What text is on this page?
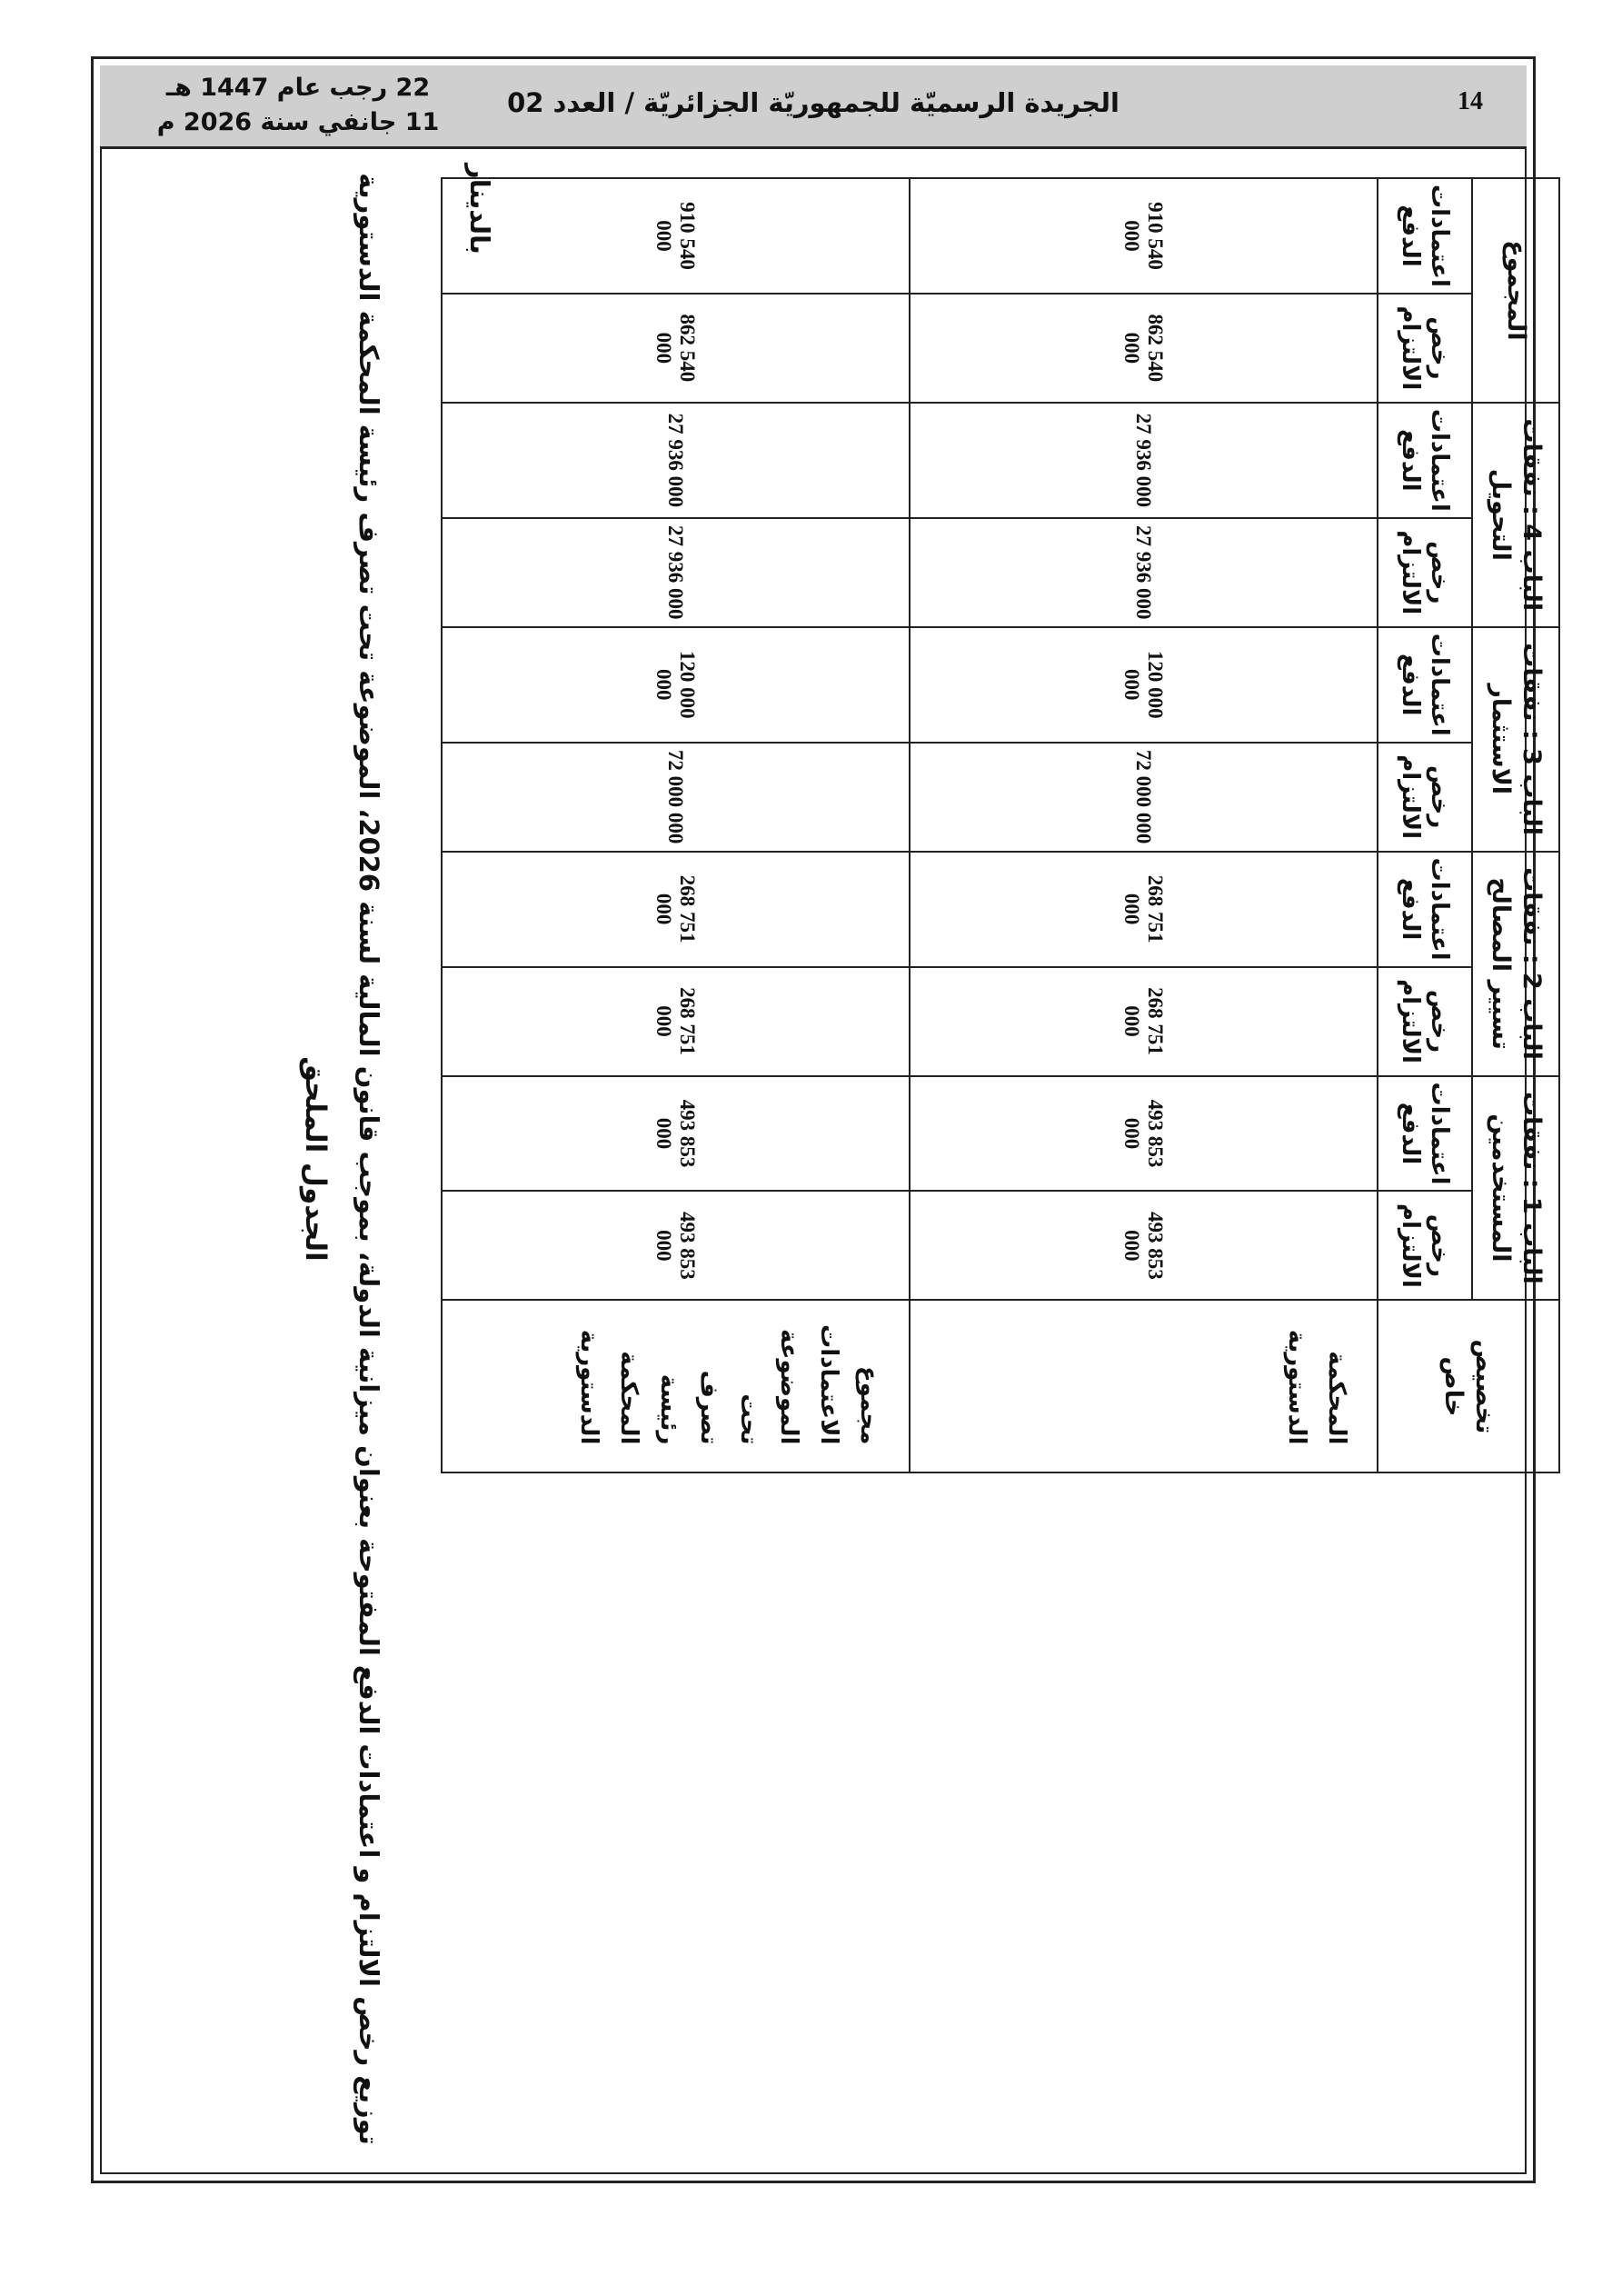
22 رجب عام 1447 هـ
11 جانفي سنة 2026 م
الجريدة الرسميّة للجمهوريّة الجزائريّة / العدد 02	14
الجدول الملحق
توزيع رخص الالتزام و اعتمادات الدفع المفتوحة بعنوان ميزانية الدولة، بموجب قانون المالية لسنة 2026، الموضوعة تحت تصرف رئيسة المحكمة الدستورية
بالدينار
تخصيص خاص	الباب 1 : نفقات المستخدمين		الباب 2 : نفقات تسيير المصالح		الباب 3 : نفقات الاستثمار		الباب 4 : نفقات التحويل		المجموع	
	رخص الالتزام	اعتمادات الدفع	رخص الالتزام	اعتمادات الدفع	رخص الالتزام	اعتمادات الدفع	رخص الالتزام	اعتمادات الدفع	رخص الالتزام	اعتمادات الدفع
المحكمة الدستورية	493 853 000	493 853 000	268 751 000	268 751 000	72 000 000	120 000 000	27 936 000	27 936 000	862 540 000	910 540 000
مجموع الاعتمادات الموضوعة تحت تصرف رئيسة المحكمة الدستورية	493 853 000	493 853 000	268 751 000	268 751 000	72 000 000	120 000 000	27 936 000	27 936 000	862 540 000	910 540 000
